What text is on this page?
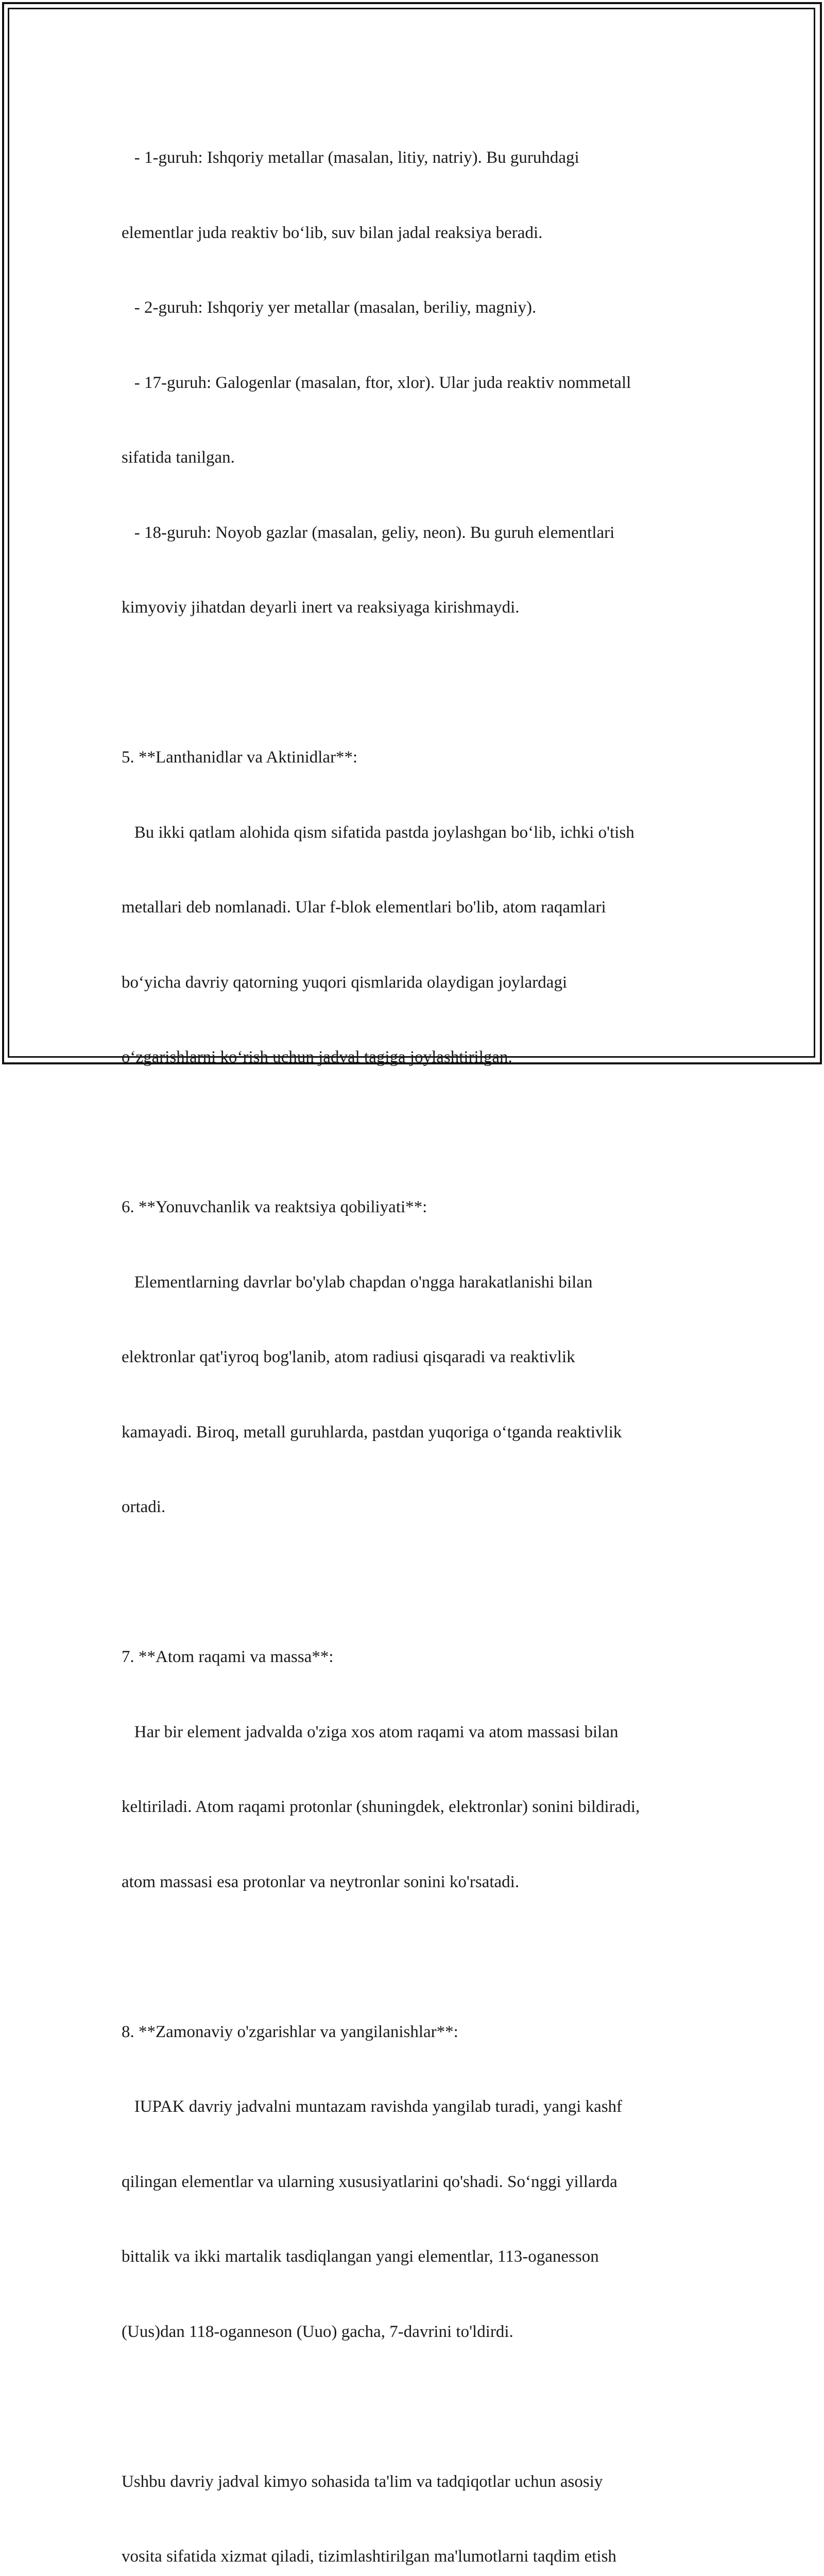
- 1-guruh: Ishqoriy metallar (masalan, litiy, natriy). Bu guruhdagi

elementlar juda reaktiv bo‘lib, suv bilan jadal reaksiya beradi.

- 2-guruh: Ishqoriy yer metallar (masalan, beriliy, magniy).

- 17-guruh: Galogenlar (masalan, ftor, xlor). Ular juda reaktiv nommetall

sifatida tanilgan.

- 18-guruh: Noyob gazlar (masalan, geliy, neon). Bu guruh elementlari

kimyoviy jihatdan deyarli inert va reaksiyaga kirishmaydi.

5. **Lanthanidlar va Aktinidlar**:

Bu ikki qatlam alohida qism sifatida pastda joylashgan bo‘lib, ichki o'tish

metallari deb nomlanadi. Ular f-blok elementlari bo'lib, atom raqamlari

bo‘yicha davriy qatorning yuqori qismlarida olaydigan joylardagi

o‘zgarishlarni ko‘rish uchun jadval tagiga joylashtirilgan.

6. **Yonuvchanlik va reaktsiya qobiliyati**:

Elementlarning davrlar bo'ylab chapdan o'ngga harakatlanishi bilan

elektronlar qat'iyroq bog'lanib, atom radiusi qisqaradi va reaktivlik

kamayadi. Biroq, metall guruhlarda, pastdan yuqoriga o‘tganda reaktivlik

ortadi.

7. **Atom raqami va massa**:

Har bir element jadvalda o'ziga xos atom raqami va atom massasi bilan

keltiriladi. Atom raqami protonlar (shuningdek, elektronlar) sonini bildiradi,

atom massasi esa protonlar va neytronlar sonini ko'rsatadi.

8. **Zamonaviy o'zgarishlar va yangilanishlar**:

IUPAK davriy jadvalni muntazam ravishda yangilab turadi, yangi kashf

qilingan elementlar va ularning xususiyatlarini qo'shadi. So‘nggi yillarda

bittalik va ikki martalik tasdiqlangan yangi elementlar, 113-oganesson

(Uus)dan 118-oganneson (Uuo) gacha, 7-davrini to'ldirdi.

Ushbu davriy jadval kimyo sohasida ta'lim va tadqiqotlar uchun asosiy

vosita sifatida xizmat qiladi, tizimlashtirilgan ma'lumotlarni taqdim etish
